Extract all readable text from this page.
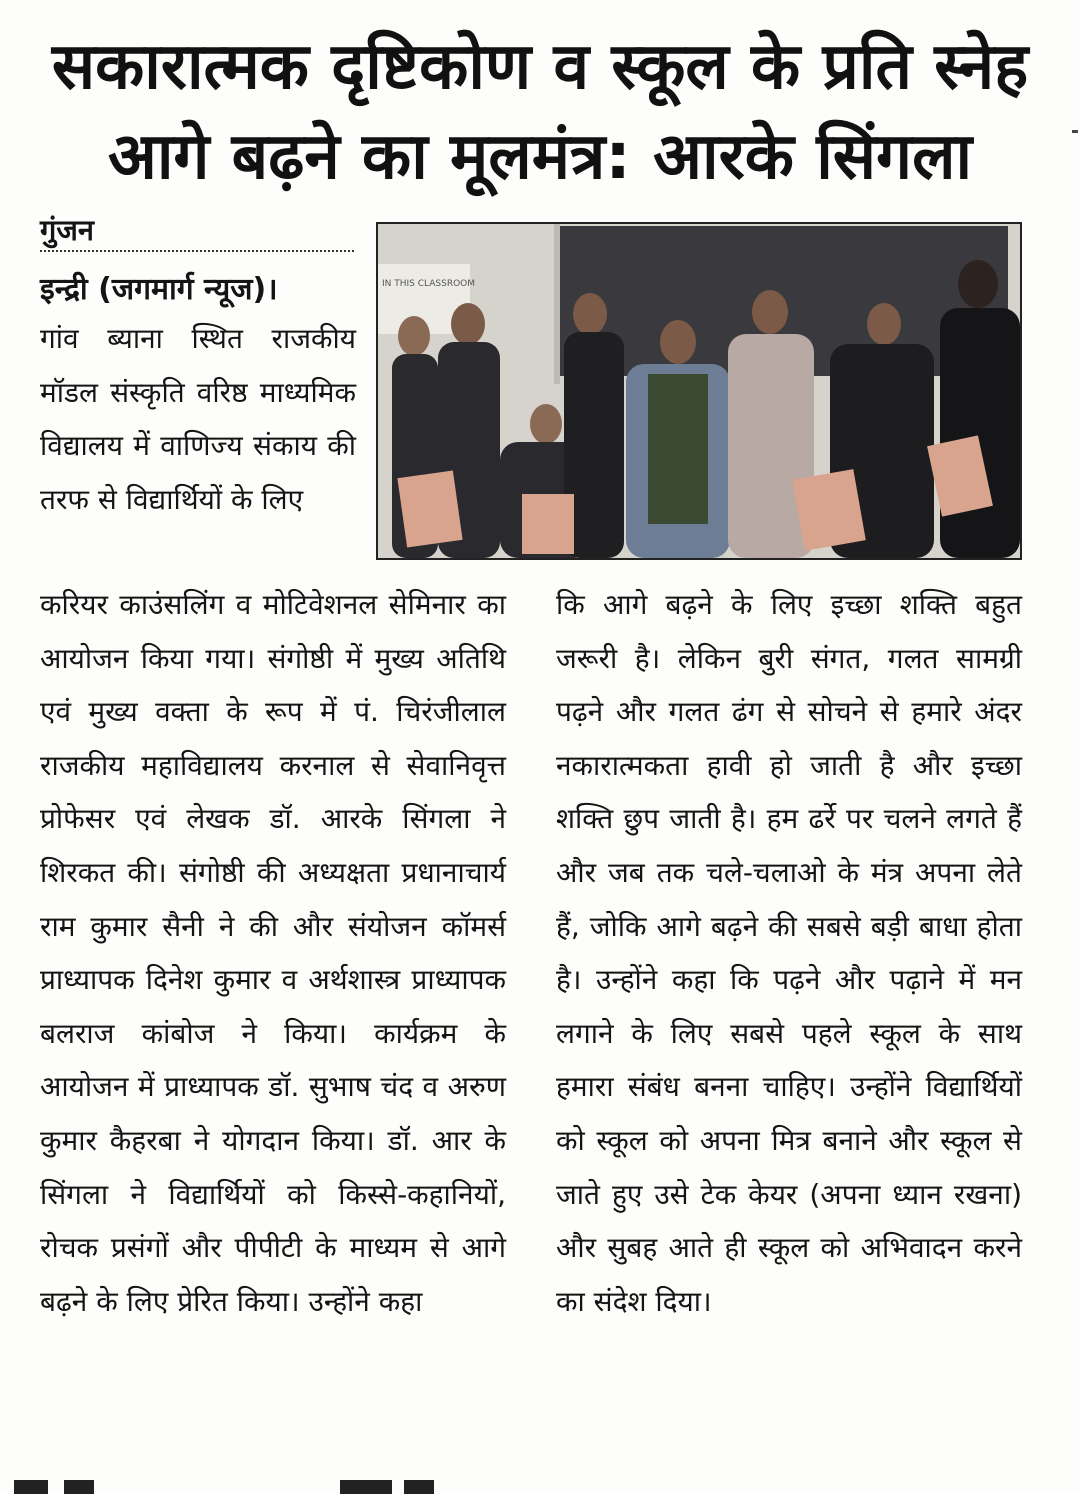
सकारात्मक दृष्टिकोण व स्कूल के प्रति स्नेह
आगे बढ़ने का मूलमंत्र: आरके सिंगला
गुंजन
इन्द्री (जगमार्ग न्यूज)।
गांव ब्याना स्थित राजकीय मॉडल संस्कृति वरिष्ठ माध्यमिक विद्यालय में वाणिज्य संकाय की तरफ से विद्यार्थियों के लिए
IN THIS CLASSROOM
करियर काउंसलिंग व मोटिवेशनल सेमिनार का आयोजन किया गया। संगोष्ठी में मुख्य अतिथि एवं मुख्य वक्ता के रूप में पं. चिरंजीलाल राजकीय महाविद्यालय करनाल से सेवानिवृत्त प्रोफेसर एवं लेखक डॉ. आरके सिंगला ने शिरकत की। संगोष्ठी की अध्यक्षता प्रधानाचार्य राम कुमार सैनी ने की और संयोजन कॉमर्स प्राध्यापक दिनेश कुमार व अर्थशास्त्र प्राध्यापक बलराज कांबोज ने किया। कार्यक्रम के आयोजन में प्राध्यापक डॉ. सुभाष चंद व अरुण कुमार कैहरबा ने योगदान किया। डॉ. आर के सिंगला ने विद्यार्थियों को किस्से-कहानियों, रोचक प्रसंगों और पीपीटी के माध्यम से आगे बढ़ने के लिए प्रेरित किया। उन्होंने कहा
कि आगे बढ़ने के लिए इच्छा शक्ति बहुत जरूरी है। लेकिन बुरी संगत, गलत सामग्री पढ़ने और गलत ढंग से सोचने से हमारे अंदर नकारात्मकता हावी हो जाती है और इच्छा शक्ति छुप जाती है। हम ढर्रे पर चलने लगते हैं और जब तक चले-चलाओ के मंत्र अपना लेते हैं, जोकि आगे बढ़ने की सबसे बड़ी बाधा होता है। उन्होंने कहा कि पढ़ने और पढ़ाने में मन लगाने के लिए सबसे पहले स्कूल के साथ हमारा संबंध बनना चाहिए। उन्होंने विद्यार्थियों को स्कूल को अपना मित्र बनाने और स्कूल से जाते हुए उसे टेक केयर (अपना ध्यान रखना) और सुबह आते ही स्कूल को अभिवादन करने का संदेश दिया।
